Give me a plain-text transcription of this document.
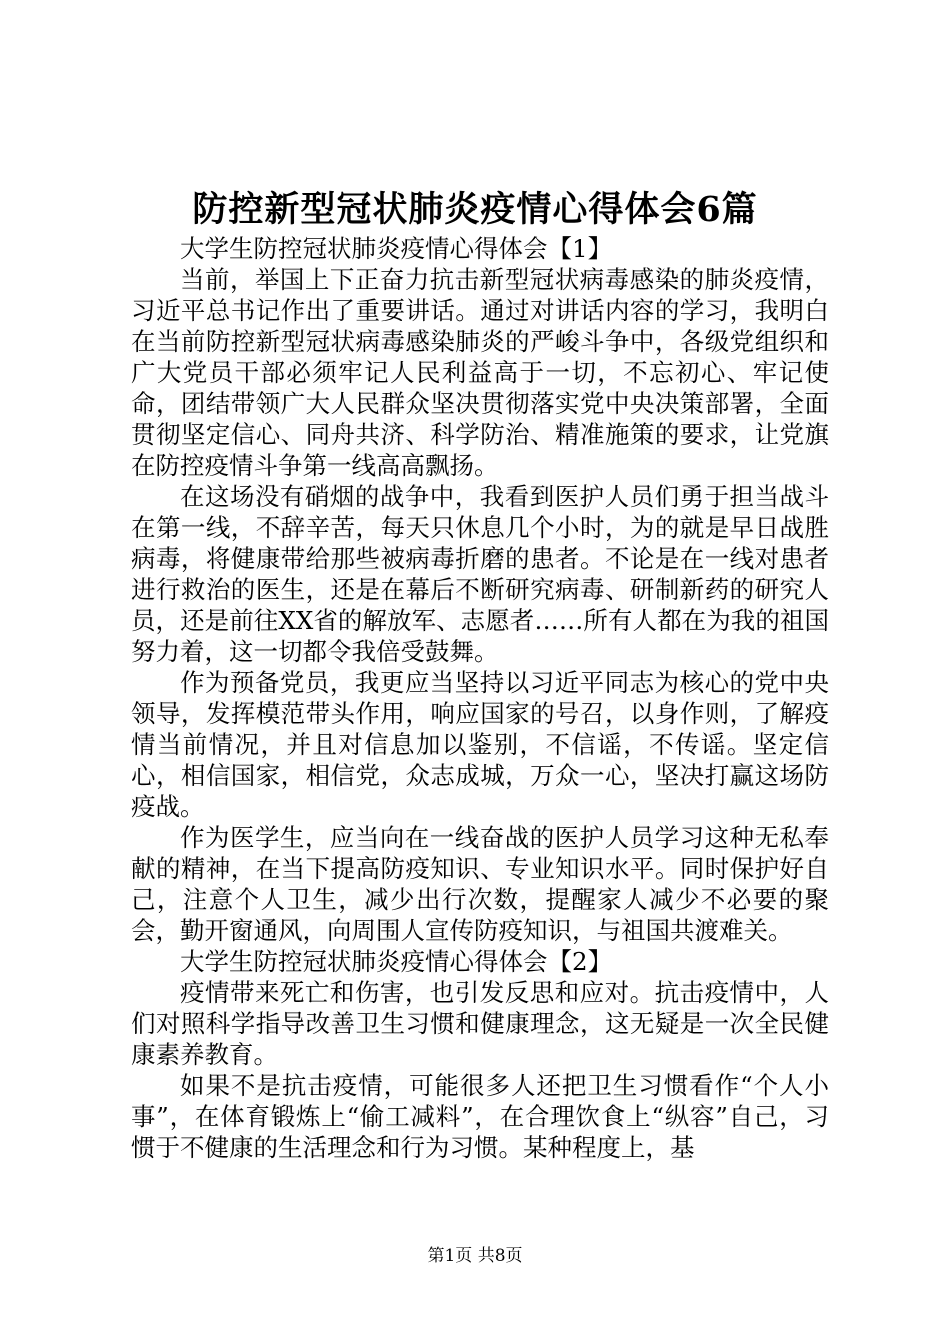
防控新型冠状肺炎疫情心得体会6篇

大学生防控冠状肺炎疫情心得体会【1】

当前，举国上下正奋力抗击新型冠状病毒感染的肺炎疫情，习近平总书记作出了重要讲话。通过对讲话内容的学习，我明白在当前防控新型冠状病毒感染肺炎的严峻斗争中，各级党组织和广大党员干部必须牢记人民利益高于一切，不忘初心、牢记使命，团结带领广大人民群众坚决贯彻落实党中央决策部署，全面贯彻坚定信心、同舟共济、科学防治、精准施策的要求，让党旗在防控疫情斗争第一线高高飘扬。

在这场没有硝烟的战争中，我看到医护人员们勇于担当战斗在第一线，不辞辛苦，每天只休息几个小时，为的就是早日战胜病毒，将健康带给那些被病毒折磨的患者。不论是在一线对患者进行救治的医生，还是在幕后不断研究病毒、研制新药的研究人员，还是前往XX省的解放军、志愿者……所有人都在为我的祖国努力着，这一切都令我倍受鼓舞。

作为预备党员，我更应当坚持以习近平同志为核心的党中央领导，发挥模范带头作用，响应国家的号召，以身作则，了解疫情当前情况，并且对信息加以鉴别，不信谣，不传谣。坚定信心，相信国家，相信党，众志成城，万众一心，坚决打赢这场防疫战。

作为医学生，应当向在一线奋战的医护人员学习这种无私奉献的精神，在当下提高防疫知识、专业知识水平。同时保护好自己，注意个人卫生，减少出行次数，提醒家人减少不必要的聚会，勤开窗通风，向周围人宣传防疫知识，与祖国共渡难关。

大学生防控冠状肺炎疫情心得体会【2】

疫情带来死亡和伤害，也引发反思和应对。抗击疫情中，人们对照科学指导改善卫生习惯和健康理念，这无疑是一次全民健康素养教育。

如果不是抗击疫情，可能很多人还把卫生习惯看作“个人小事”，在体育锻炼上“偷工减料”，在合理饮食上“纵容”自己，习惯于不健康的生活理念和行为习惯。某种程度上，基

第1页 共8页
